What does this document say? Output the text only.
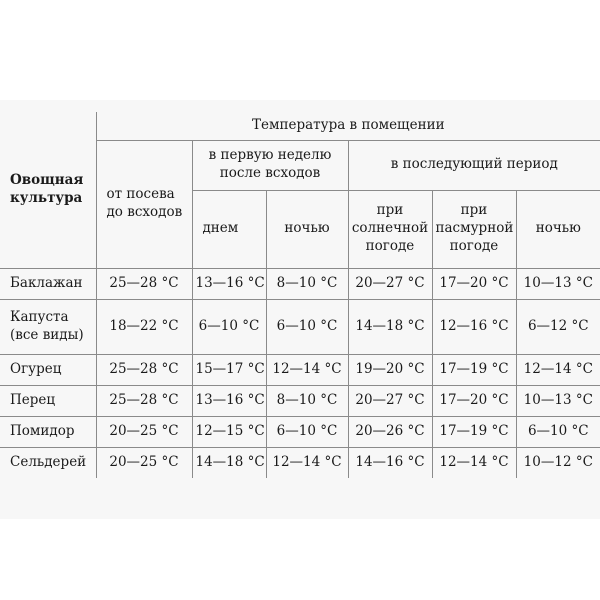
Овощная культура	Температура в помещении					
	от посева до всходов	в первую неделю после всходов		в последующий период		
		днем	ночью	при солнечной погоде	при пасмурной погоде	ночью
Баклажан	25—28 °C	13—16 °C	8—10 °C	20—27 °C	17—20 °C	10—13 °C
Капуста (все виды)	18—22 °C	6—10 °C	6—10 °C	14—18 °C	12—16 °C	6—12 °C
Огурец	25—28 °C	15—17 °C	12—14 °C	19—20 °C	17—19 °C	12—14 °C
Перец	25—28 °C	13—16 °C	8—10 °C	20—27 °C	17—20 °C	10—13 °C
Помидор	20—25 °C	12—15 °C	6—10 °C	20—26 °C	17—19 °C	6—10 °C
Сельдерей	20—25 °C	14—18 °C	12—14 °C	14—16 °C	12—14 °C	10—12 °C
